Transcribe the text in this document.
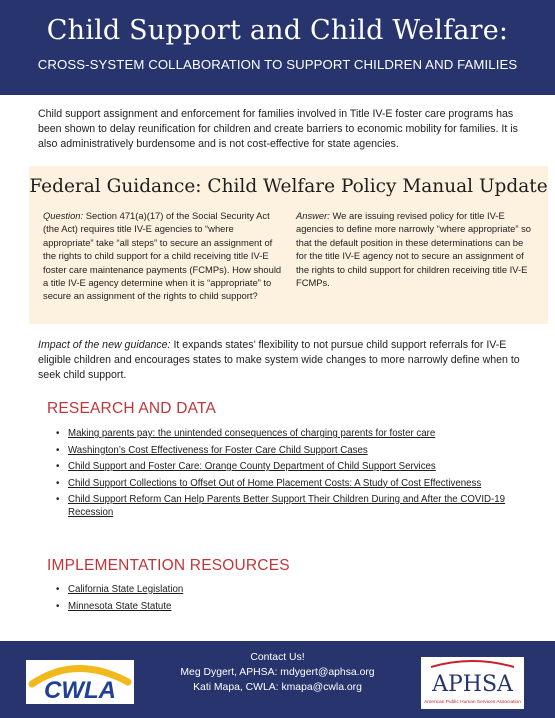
Child Support and Child Welfare:
CROSS-SYSTEM COLLABORATION TO SUPPORT CHILDREN AND FAMILIES
Child support assignment and enforcement for families involved in Title IV-E foster care programs has been shown to delay reunification for children and create barriers to economic mobility for families. It is also administratively burdensome and is not cost-effective for state agencies.
Federal Guidance: Child Welfare Policy Manual Update
Question: Section 471(a)(17) of the Social Security Act (the Act) requires title IV-E agencies to “where appropriate” take “all steps” to secure an assignment of the rights to child support for a child receiving title IV-E foster care maintenance payments (FCMPs). How should a title IV-E agency determine when it is “appropriate” to secure an assignment of the rights to child support?
Answer: We are issuing revised policy for title IV-E agencies to define more narrowly “where appropriate” so that the default position in these determinations can be for the title IV-E agency not to secure an assignment of the rights to child support for children receiving title IV-E FCMPs.
Impact of the new guidance: It expands states’ flexibility to not pursue child support referrals for IV-E eligible children and encourages states to make system wide changes to more narrowly define when to seek child support.
RESEARCH AND DATA
• Making parents pay: the unintended consequences of charging parents for foster care
• Washington’s Cost Effectiveness for Foster Care Child Support Cases
• Child Support and Foster Care: Orange County Department of Child Support Services
• Child Support Collections to Offset Out of Home Placement Costs: A Study of Cost Effectiveness
• Child Support Reform Can Help Parents Better Support Their Children During and After the COVID-19 Recession
IMPLEMENTATION RESOURCES
• California State Legislation
• Minnesota State Statute
CWLA
Contact Us!
Meg Dygert, APHSA: mdygert@aphsa.org
Kati Mapa, CWLA: kmapa@cwla.org	APHSA
American Public Human Services Association
